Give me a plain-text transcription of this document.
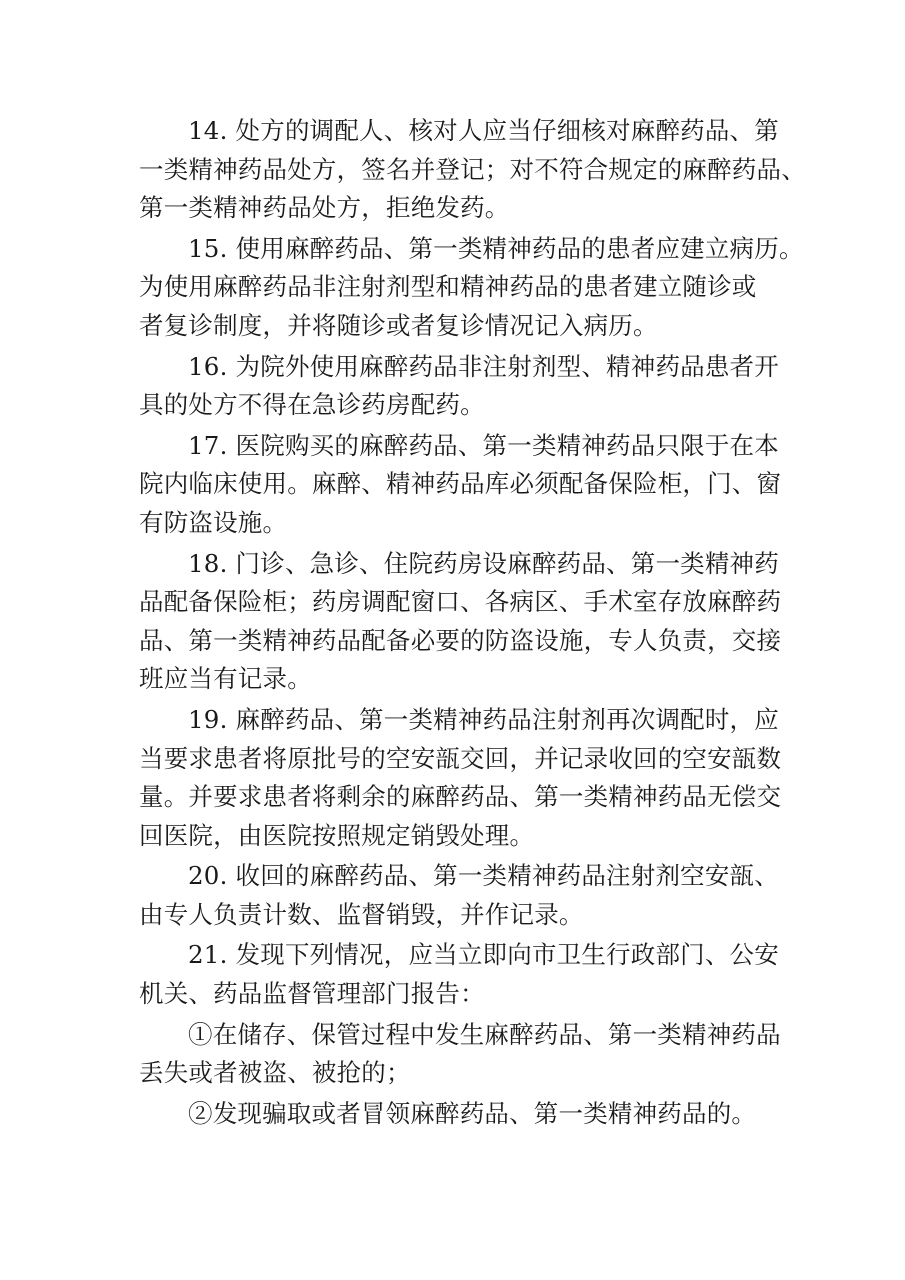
14. 处方的调配人、核对人应当仔细核对麻醉药品、第
一类精神药品处方，签名并登记；对不符合规定的麻醉药品、
第一类精神药品处方，拒绝发药。

15. 使用麻醉药品、第一类精神药品的患者应建立病历。
为使用麻醉药品非注射剂型和精神药品的患者建立随诊或
者复诊制度，并将随诊或者复诊情况记入病历。

16. 为院外使用麻醉药品非注射剂型、精神药品患者开
具的处方不得在急诊药房配药。

17. 医院购买的麻醉药品、第一类精神药品只限于在本
院内临床使用。麻醉、精神药品库必须配备保险柜，门、窗
有防盗设施。

18. 门诊、急诊、住院药房设麻醉药品、第一类精神药
品配备保险柜；药房调配窗口、各病区、手术室存放麻醉药
品、第一类精神药品配备必要的防盗设施，专人负责，交接
班应当有记录。

19. 麻醉药品、第一类精神药品注射剂再次调配时，应
当要求患者将原批号的空安瓿交回，并记录收回的空安瓿数
量。并要求患者将剩余的麻醉药品、第一类精神药品无偿交
回医院，由医院按照规定销毁处理。

20. 收回的麻醉药品、第一类精神药品注射剂空安瓿、
由专人负责计数、监督销毁，并作记录。

21. 发现下列情况，应当立即向市卫生行政部门、公安
机关、药品监督管理部门报告：

①在储存、保管过程中发生麻醉药品、第一类精神药品
丢失或者被盗、被抢的；

②发现骗取或者冒领麻醉药品、第一类精神药品的。
